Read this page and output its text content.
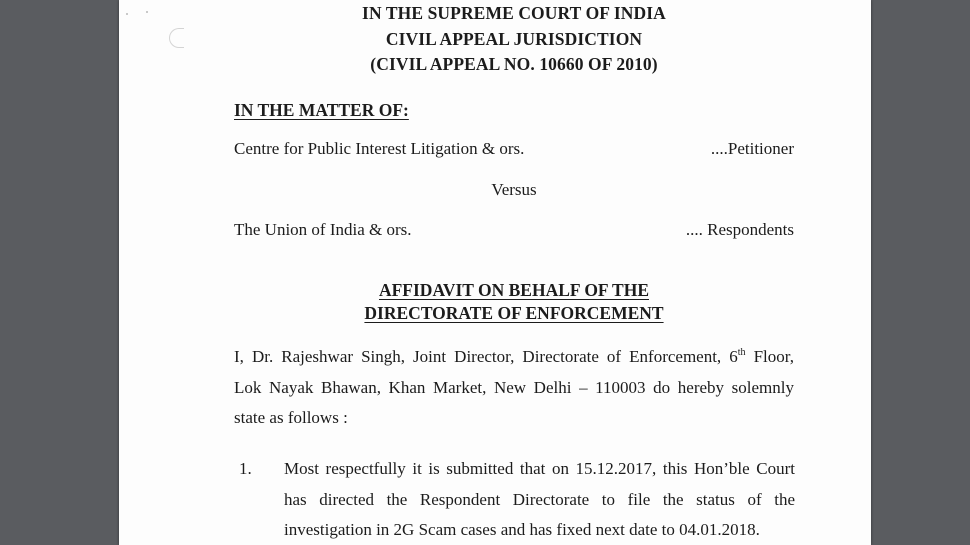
IN THE SUPREME COURT OF INDIA
CIVIL APPEAL JURISDICTION
(CIVIL APPEAL NO. 10660 OF 2010)
IN THE MATTER OF:
Centre for Public Interest Litigation & ors.	....Petitioner
Versus
The Union of India & ors.	.... Respondents
AFFIDAVIT ON BEHALF OF THE
DIRECTORATE OF ENFORCEMENT
I, Dr. Rajeshwar Singh, Joint Director, Directorate of Enforcement, 6th Floor,
Lok Nayak Bhawan, Khan Market, New Delhi – 110003 do hereby solemnly
state as follows :
1. Most respectfully it is submitted that on 15.12.2017, this Hon’ble Court
has directed the Respondent Directorate to file the status of the
investigation in 2G Scam cases and has fixed next date to 04.01.2018.
